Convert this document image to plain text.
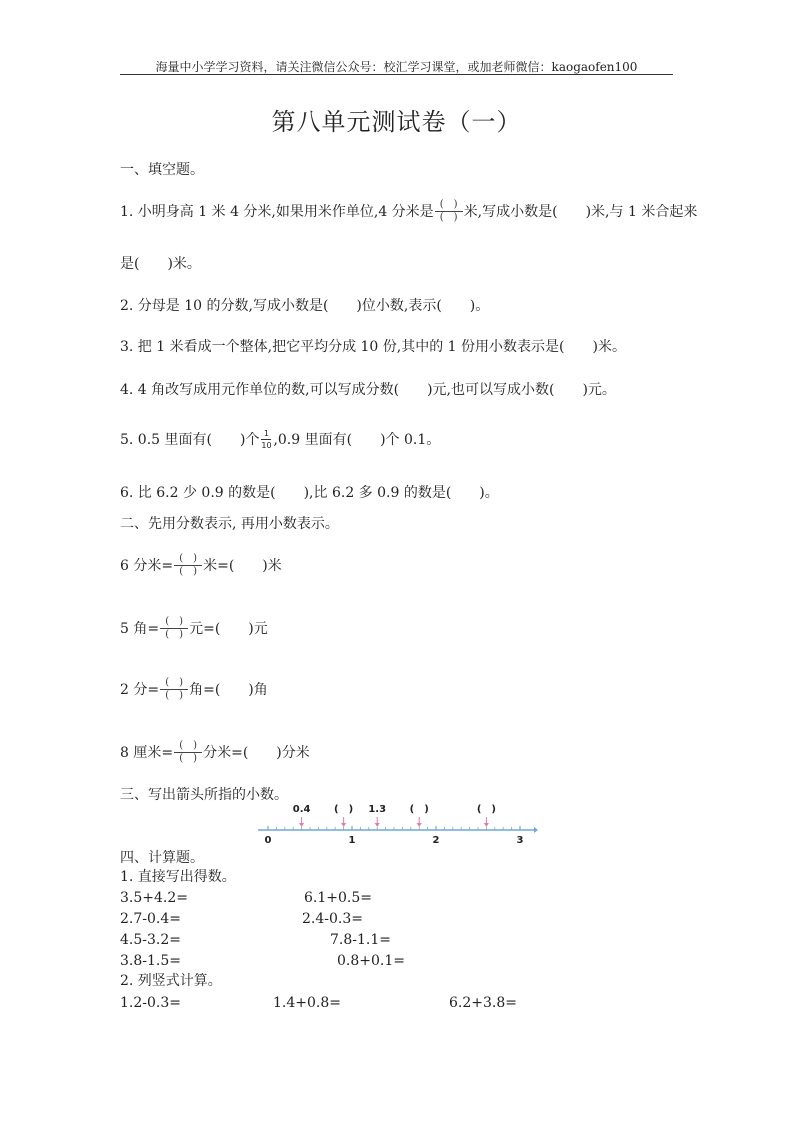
海量中小学学习资料，请关注微信公众号：校汇学习课堂，或加老师微信：kaogaofen100
第八单元测试卷（一）
一、填空题。
1. 小明身高 1 米 4 分米,如果用米作单位,4 分米是 $\frac{( )}{( )}$ 米,写成小数是(　　)米,与 1 米合起来
是(　　)米。
2. 分母是 10 的分数,写成小数是(　　)位小数,表示(　　)。
3. 把 1 米看成一个整体,把它平均分成 10 份,其中的 1 份用小数表示是(　　)米。
4. 4 角改写成用元作单位的数,可以写成分数(　　)元,也可以写成小数(　　)元。
5. 0.5 里面有(　　)个 $\frac{1}{10} ,0.9$ 里面有(　　)个 0.1。
6. 比 6.2 少 0.9 的数是(　　),比 6.2 多 0.9 的数是(　　)。
二、先用分数表示, 再用小数表示。
6 分米= $\frac{( )}{( )}$ 米=(　　)米
5 角= $\frac{( )}{( )}$ 元=(　　)元
2 分= $\frac{( )}{( )}$ 角=(　　)角
8 厘米= $\frac{( )}{( )}$ 分米=(　　)分米
三、写出箭头所指的小数。
0.4 (　) 1.3 (　)	(　)
0	1	2	3
四、计算题。
1. 直接写出得数。
3.5+4.2=	6.1+0.5=
2.7-0.4=	2.4-0.3=
4.5-3.2=	7.8-1.1=
3.8-1.5=	0.8+0.1=
2. 列竖式计算。
1.2-0.3=	1.4+0.8=	6.2+3.8=
